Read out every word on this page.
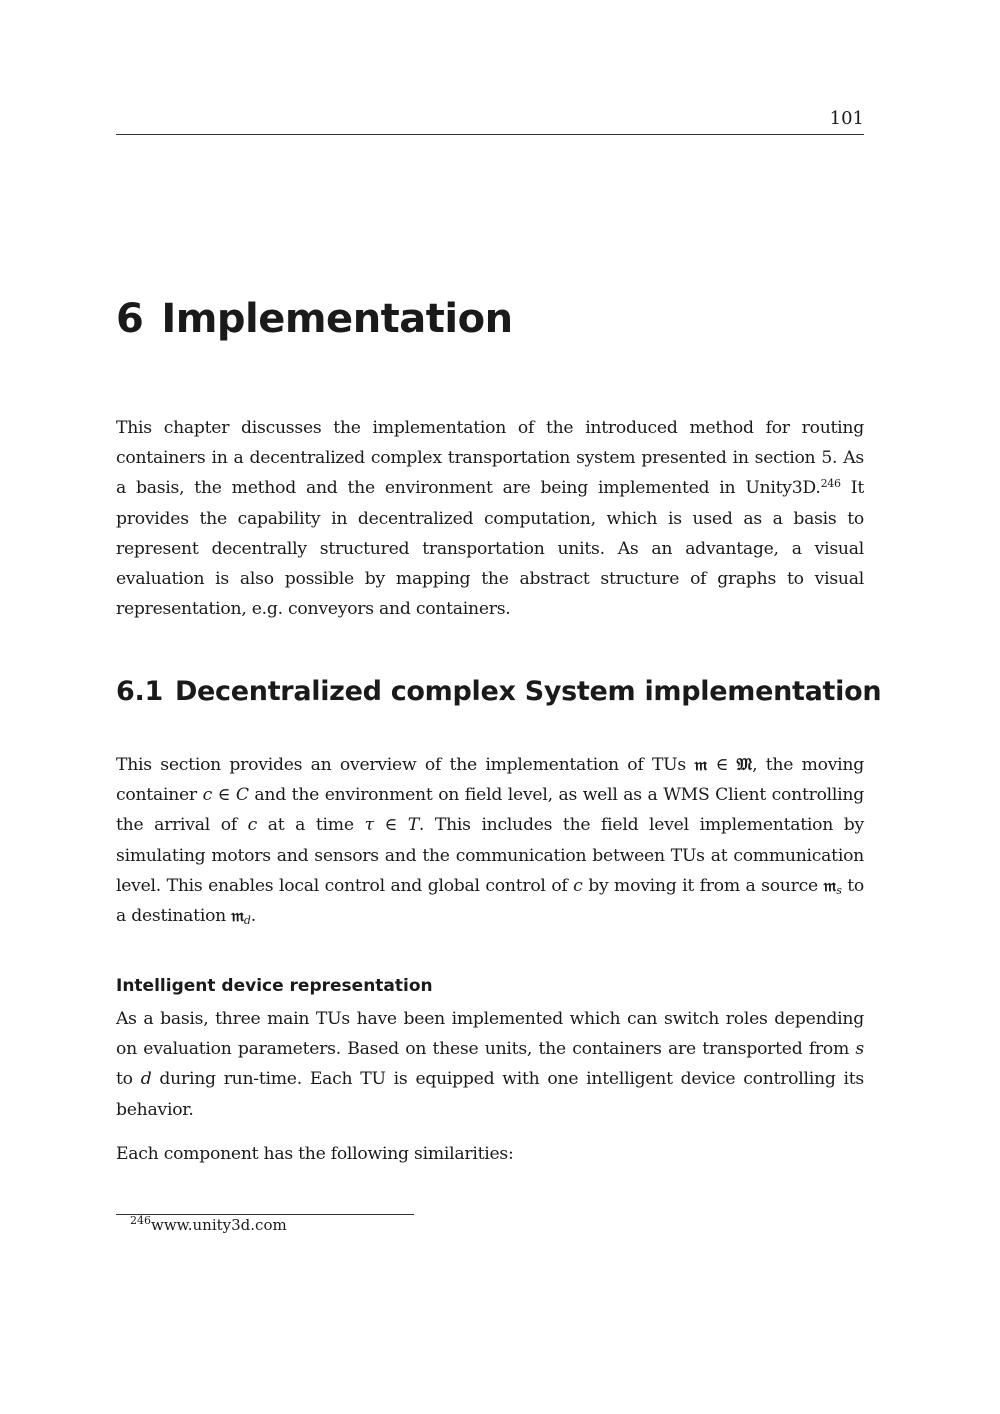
101
6 Implementation

This chapter discusses the implementation of the introduced method for routing containers in a decentralized complex transportation system presented in section 5. As a basis, the method and the environment are being implemented in Unity3D.$^{246}$ It provides the capability in decentralized computation, which is used as a basis to represent decentrally structured transportation units. As an advantage, a visual evaluation is also possible by mapping the abstract structure of graphs to visual representation, e.g. conveyors and containers.

6.1 Decentralized complex System implementation

This section provides an overview of the implementation of TUs 𝔪 ∈ 𝔐, the moving container c ∈ C and the environment on field level, as well as a WMS Client controlling the arrival of c at a time τ ∈ T. This includes the field level implementation by simulating motors and sensors and the communication between TUs at communication level. This enables local control and global control of c by moving it from a source 𝔪$_s$ to a destination 𝔪$_d$.

Intelligent device representation

As a basis, three main TUs have been implemented which can switch roles depending on evaluation parameters. Based on these units, the containers are transported from s to d during run-time. Each TU is equipped with one intelligent device controlling its behavior.

Each component has the following similarities:

$^{246}$www.unity3d.com
